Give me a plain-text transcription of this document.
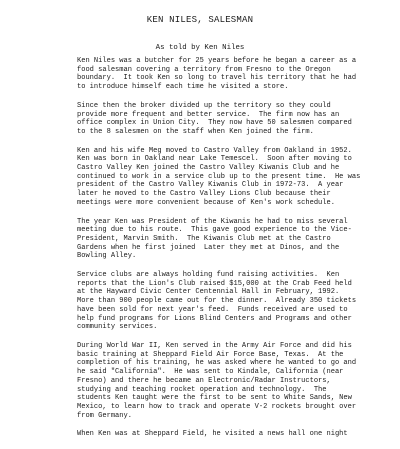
KEN NILES, SALESMAN
As told by Ken Niles
Ken Niles was a butcher for 25 years before he began a career as a
food salesman covering a territory from Fresno to the Oregon
boundary.  It took Ken so long to travel his territory that he had
to introduce himself each time he visited a store.
Since then the broker divided up the territory so they could
provide more frequent and better service.  The firm now has an
office complex in Union City.  They now have 50 salesmen compared
to the 8 salesmen on the staff when Ken joined the firm.
Ken and his wife Meg moved to Castro Valley from Oakland in 1952.
Ken was born in Oakland near Lake Temescel.  Soon after moving to
Castro Valley Ken joined the Castro Valley Kiwanis Club and he
continued to work in a service club up to the present time.  He was
president of the Castro Valley Kiwanis Club in 1972-73.  A year
later he moved to the Castro Valley Lions Club because their
meetings were more convenient because of Ken's work schedule.
The year Ken was President of the Kiwanis he had to miss several
meeting due to his route.  This gave good experience to the Vice-
President, Marvin Smith.  The Kiwanis Club met at the Castro
Gardens when he first joined  Later they met at Dinos, and the
Bowling Alley.
Service clubs are always holding fund raising activities.  Ken
reports that the Lion's Club raised $15,000 at the Crab Feed held
at the Hayward Civic Center Centennial Hall in February, 1992.
More than 900 people came out for the dinner.  Already 350 tickets
have been sold for next year's feed.  Funds received are used to
help fund programs for Lions Blind Centers and Programs and other
community services.
During World War II, Ken served in the Army Air Force and did his
basic training at Sheppard Field Air Force Base, Texas.  At the
completion of his training, he was asked where he wanted to go and
he said "California".  He was sent to Kindale, California (near
Fresno) and there he became an Electronic/Radar Instructors,
studying and teaching rocket operation and technology.  The
students Ken taught were the first to be sent to White Sands, New
Mexico, to learn how to track and operate V-2 rockets brought over
from Germany.
When Ken was at Sheppard Field, he visited a news hall one night
